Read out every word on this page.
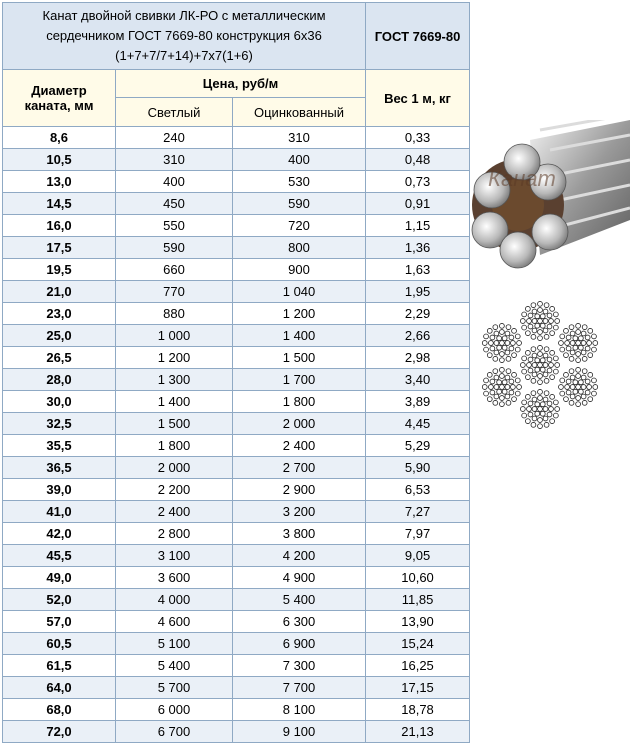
Канат двойной свивки ЛК-РО с металлическим
сердечником ГОСТ 7669-80 конструкция 6х36
(1+7+7/7+14)+7х7(1+6)			ГОСТ 7669-80

Диаметр
каната, мм	Цена, руб/м		Вес 1 м, кг
	Светлый	Оцинкованный	
8,6	240	310	0,33
10,5	310	400	0,48
13,0	400	530	0,73
14,5	450	590	0,91
16,0	550	720	1,15
17,5	590	800	1,36
19,5	660	900	1,63
21,0	770	1 040	1,95
23,0	880	1 200	2,29
25,0	1 000	1 400	2,66
26,5	1 200	1 500	2,98
28,0	1 300	1 700	3,40
30,0	1 400	1 800	3,89
32,5	1 500	2 000	4,45
35,5	1 800	2 400	5,29
36,5	2 000	2 700	5,90
39,0	2 200	2 900	6,53
41,0	2 400	3 200	7,27
42,0	2 800	3 800	7,97
45,5	3 100	4 200	9,05
49,0	3 600	4 900	10,60
52,0	4 000	5 400	11,85
57,0	4 600	6 300	13,90
60,5	5 100	6 900	15,24
61,5	5 400	7 300	16,25
64,0	5 700	7 700	17,15
68,0	6 000	8 100	18,78
72,0	6 700	9 100	21,13
Канат
